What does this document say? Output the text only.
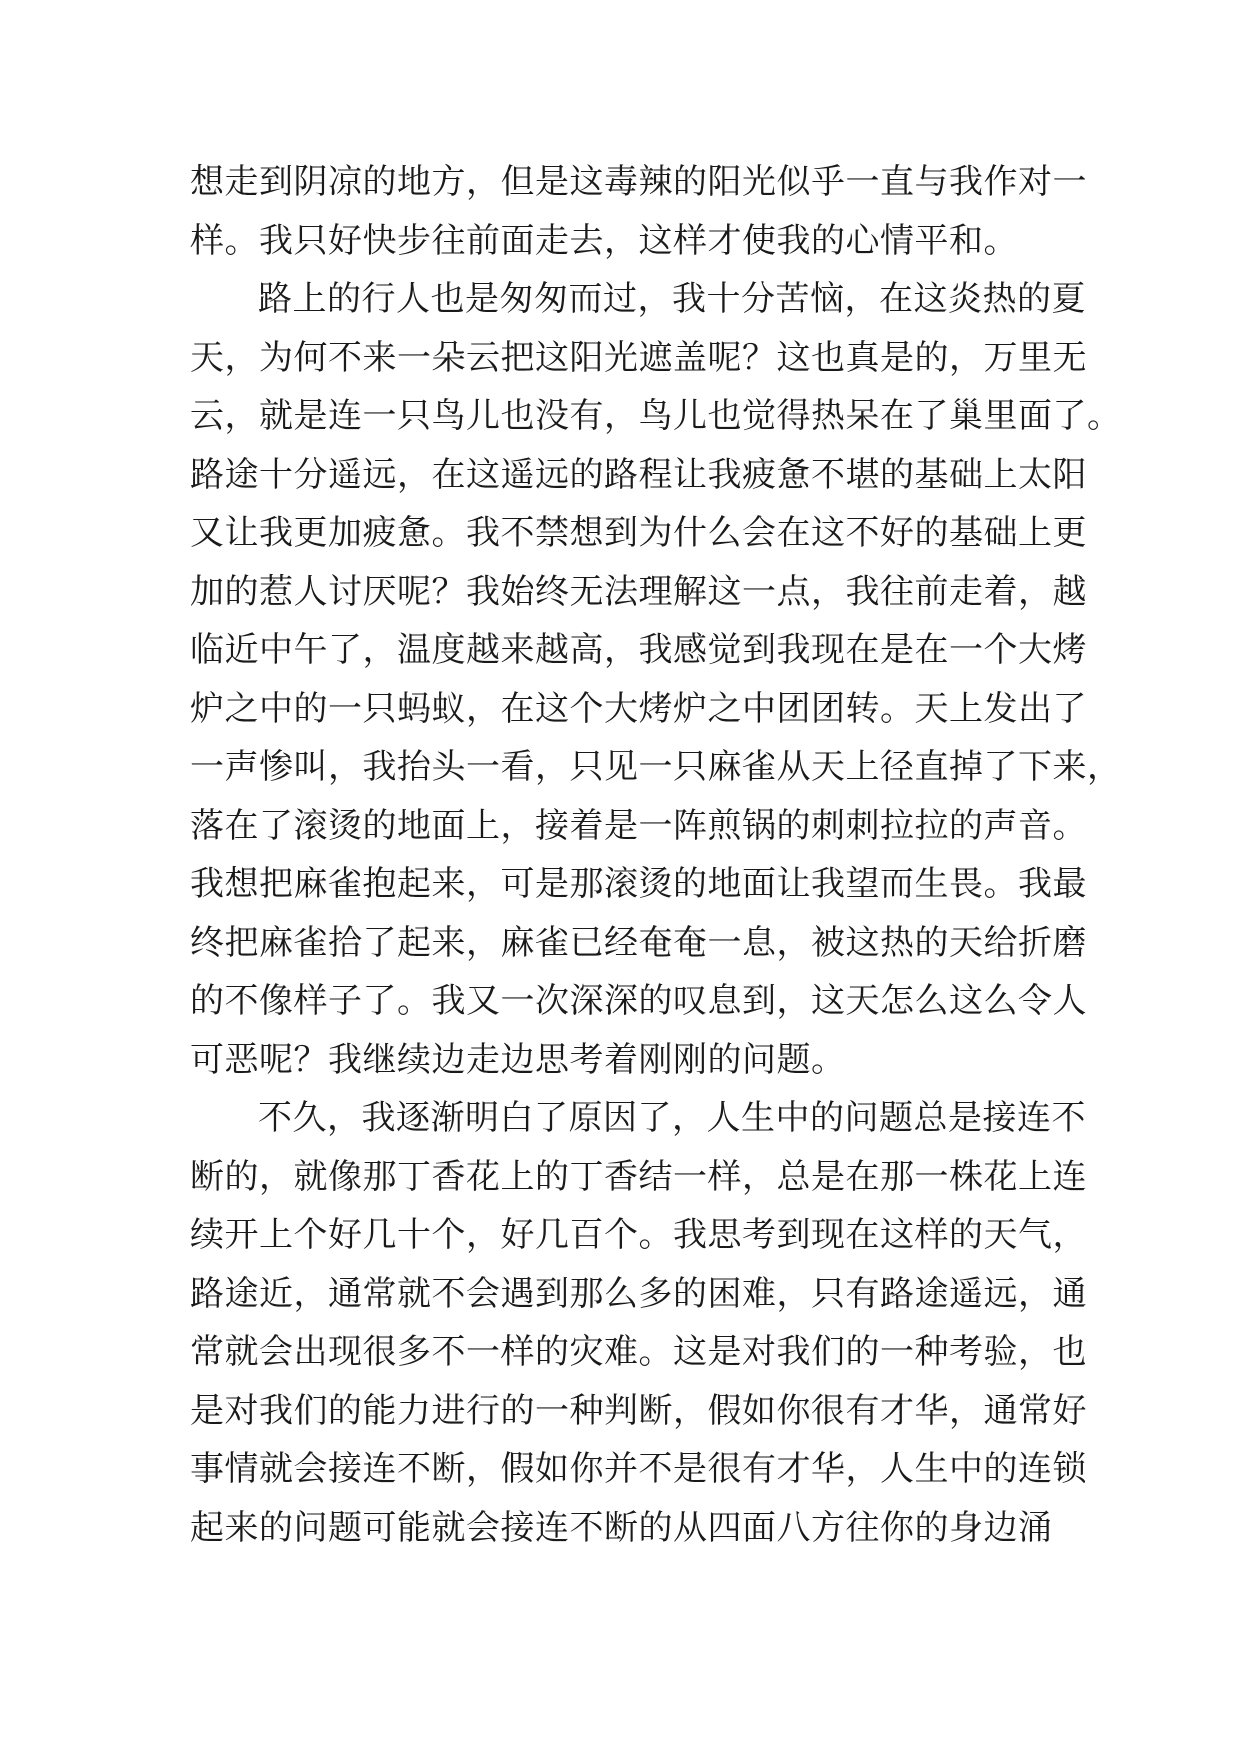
想走到阴凉的地方，但是这毒辣的阳光似乎一直与我作对一
样。我只好快步往前面走去，这样才使我的心情平和。
路上的行人也是匆匆而过，我十分苦恼，在这炎热的夏
天，为何不来一朵云把这阳光遮盖呢？这也真是的，万里无
云，就是连一只鸟儿也没有，鸟儿也觉得热呆在了巢里面了。
路途十分遥远，在这遥远的路程让我疲惫不堪的基础上太阳
又让我更加疲惫。我不禁想到为什么会在这不好的基础上更
加的惹人讨厌呢？我始终无法理解这一点，我往前走着，越
临近中午了，温度越来越高，我感觉到我现在是在一个大烤
炉之中的一只蚂蚁，在这个大烤炉之中团团转。天上发出了
一声惨叫，我抬头一看，只见一只麻雀从天上径直掉了下来，
落在了滚烫的地面上，接着是一阵煎锅的刺刺拉拉的声音。
我想把麻雀抱起来，可是那滚烫的地面让我望而生畏。我最
终把麻雀拾了起来，麻雀已经奄奄一息，被这热的天给折磨
的不像样子了。我又一次深深的叹息到，这天怎么这么令人
可恶呢？我继续边走边思考着刚刚的问题。
不久，我逐渐明白了原因了，人生中的问题总是接连不
断的，就像那丁香花上的丁香结一样，总是在那一株花上连
续开上个好几十个，好几百个。我思考到现在这样的天气，
路途近，通常就不会遇到那么多的困难，只有路途遥远，通
常就会出现很多不一样的灾难。这是对我们的一种考验，也
是对我们的能力进行的一种判断，假如你很有才华，通常好
事情就会接连不断，假如你并不是很有才华，人生中的连锁
起来的问题可能就会接连不断的从四面八方往你的身边涌
